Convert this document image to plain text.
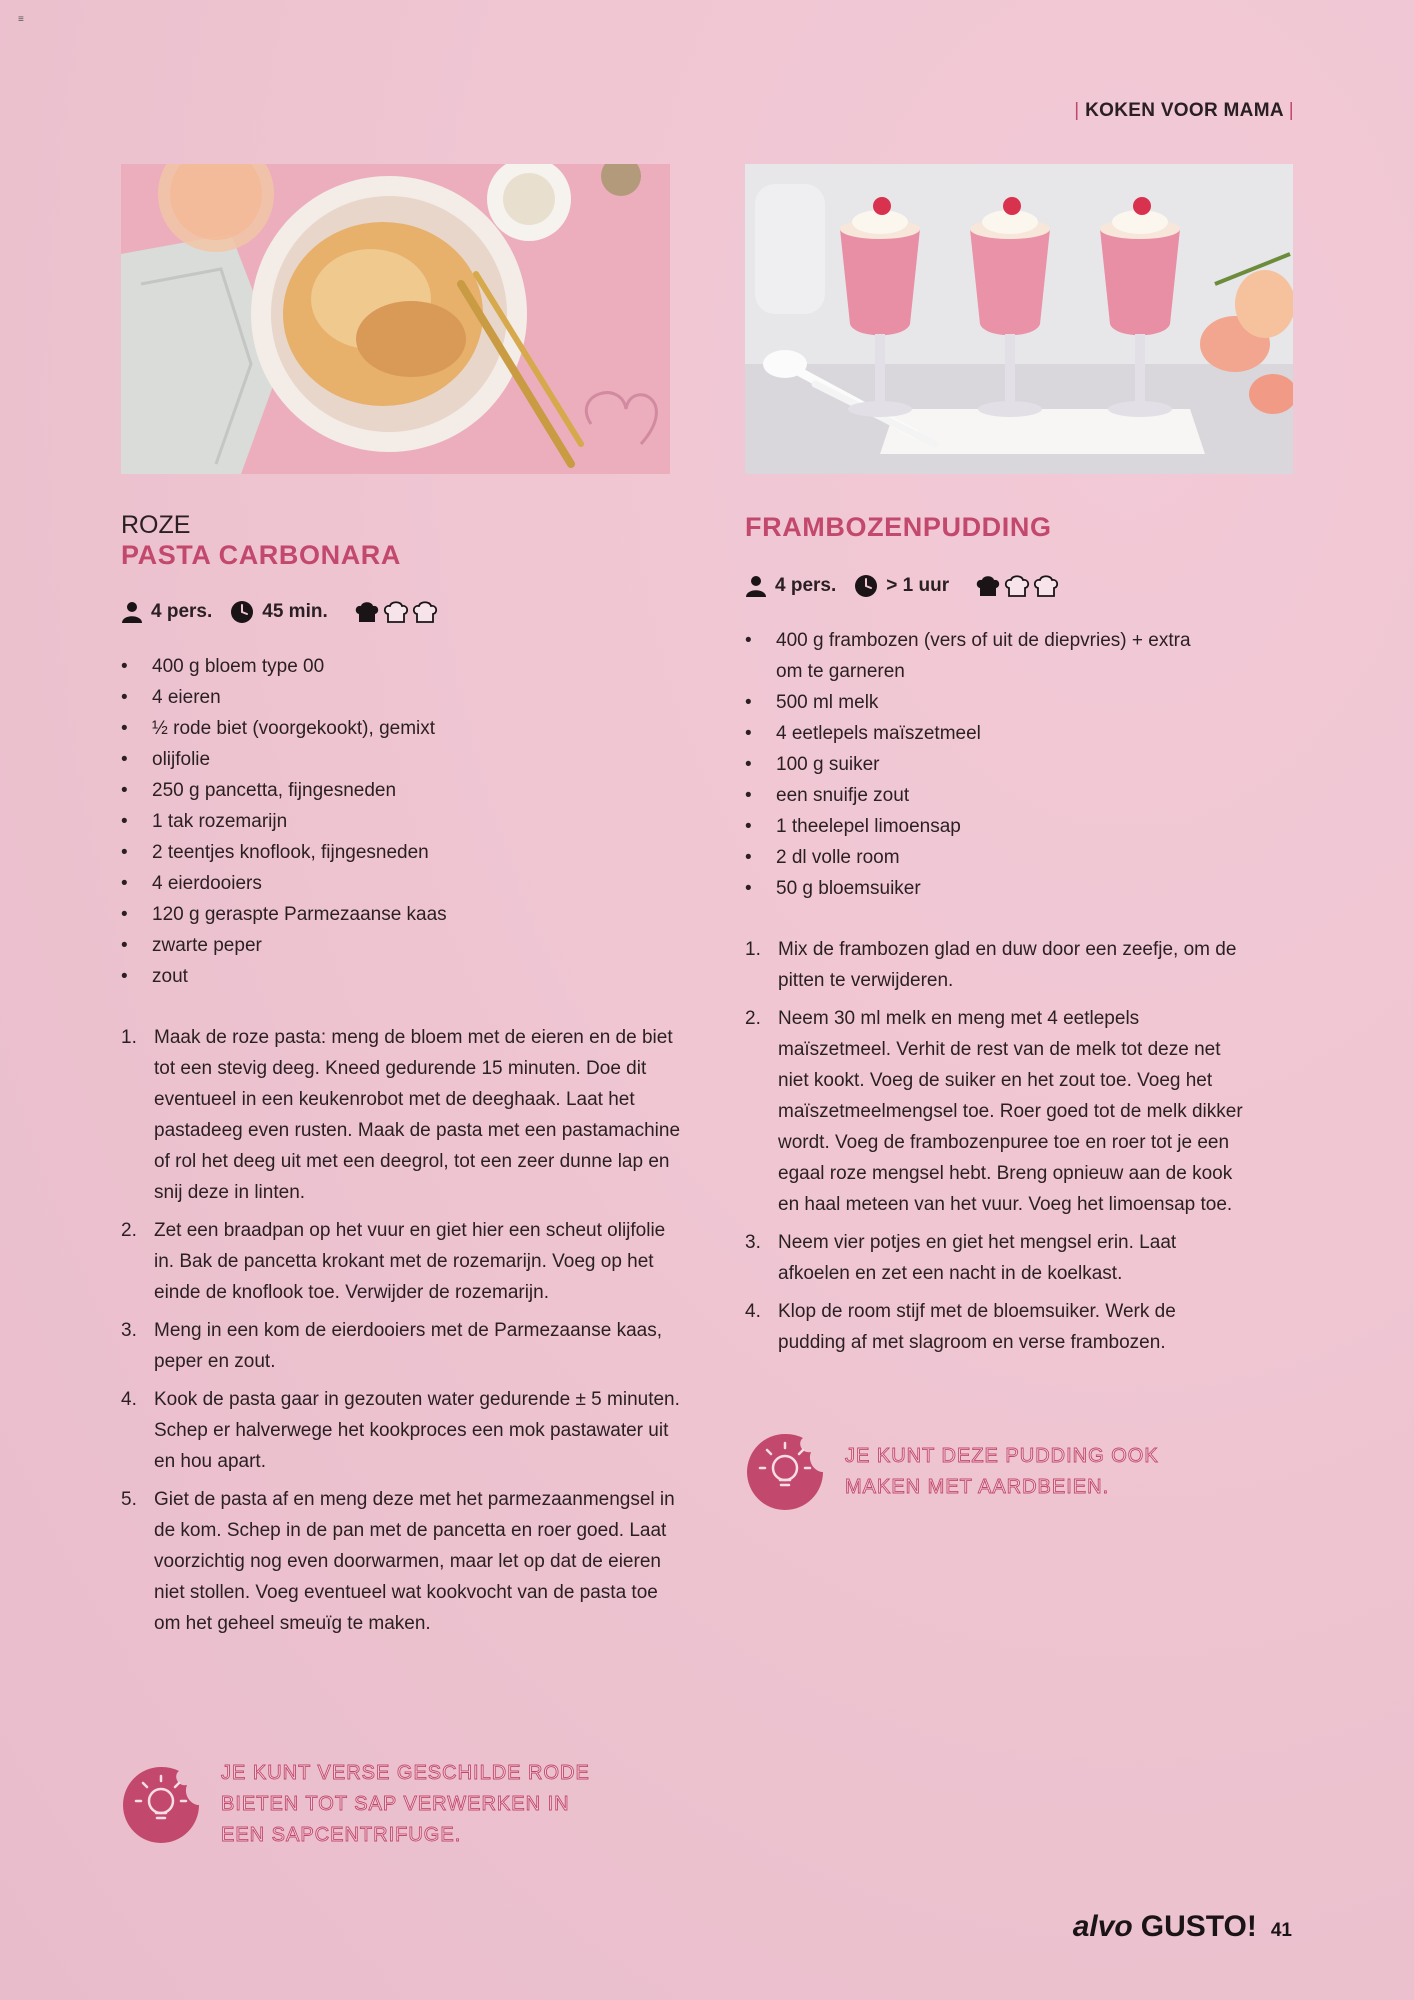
≡
| KOKEN VOOR MAMA |
ROZE
PASTA CARBONARA
4 pers.	45 min.
• 400 g bloem type 00
• 4 eieren
• ½ rode biet (voorgekookt), gemixt
• olijfolie
• 250 g pancetta, fijngesneden
• 1 tak rozemarijn
• 2 teentjes knoflook, fijngesneden
• 4 eierdooiers
• 120 g geraspte Parmezaanse kaas
• zwarte peper
• zout
1. Maak de roze pasta: meng de bloem met de eieren en de biet tot een stevig deeg. Kneed gedurende 15 minuten. Doe dit eventueel in een keukenrobot met de deeghaak. Laat het pastadeeg even rusten. Maak de pasta met een pastamachine of rol het deeg uit met een deegrol, tot een zeer dunne lap en snij deze in linten.
2. Zet een braadpan op het vuur en giet hier een scheut olijfolie in. Bak de pancetta krokant met de rozemarijn. Voeg op het einde de knoflook toe. Verwijder de rozemarijn.
3. Meng in een kom de eierdooiers met de Parmezaanse kaas, peper en zout.
4. Kook de pasta gaar in gezouten water gedurende ± 5 minuten. Schep er halverwege het kookproces een mok pastawater uit en hou apart.
5. Giet de pasta af en meng deze met het parmezaanmengsel in de kom. Schep in de pan met de pancetta en roer goed. Laat voorzichtig nog even doorwarmen, maar let op dat de eieren niet stollen. Voeg eventueel wat kookvocht van de pasta toe om het geheel smeuïg te maken.
FRAMBOZENPUDDING
4 pers.	> 1 uur
• 400 g frambozen (vers of uit de diepvries) + extra om te garneren
• 500 ml melk
• 4 eetlepels maïszetmeel
• 100 g suiker
• een snuifje zout
• 1 theelepel limoensap
• 2 dl volle room
• 50 g bloemsuiker
1. Mix de frambozen glad en duw door een zeefje, om de pitten te verwijderen.
2. Neem 30 ml melk en meng met 4 eetlepels maïszetmeel. Verhit de rest van de melk tot deze net niet kookt. Voeg de suiker en het zout toe. Voeg het maïszetmeelmengsel toe. Roer goed tot de melk dikker wordt. Voeg de frambozenpuree toe en roer tot je een egaal roze mengsel hebt. Breng opnieuw aan de kook en haal meteen van het vuur. Voeg het limoensap toe.
3. Neem vier potjes en giet het mengsel erin. Laat afkoelen en zet een nacht in de koelkast.
4. Klop de room stijf met de bloemsuiker. Werk de pudding af met slagroom en verse frambozen.
JE KUNT VERSE GESCHILDE RODE BIETEN TOT SAP VERWERKEN IN EEN SAPCENTRIFUGE.
JE KUNT DEZE PUDDING OOK MAKEN MET AARDBEIEN.
alvo GUSTO! 41
